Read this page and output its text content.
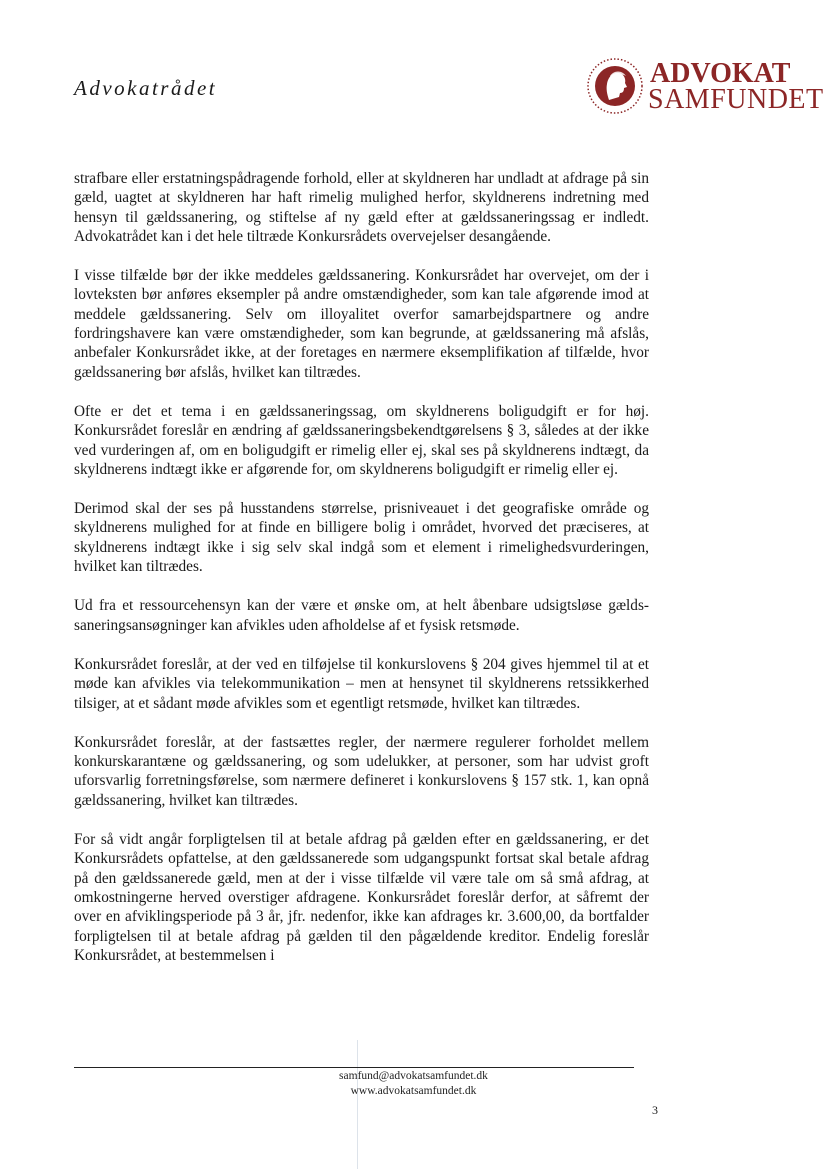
Advokatrådet	ADVOKAT
SAMFUNDET

strafbare eller erstatningspådragende forhold, eller at skyldneren har undladt at afdrage på sin gæld, uagtet at skyldneren har haft rimelig mulighed herfor, skyldnerens indretning med hensyn til gældssanering, og stiftelse af ny gæld efter at gældssaneringssag er indledt. Advokatrådet kan i det hele tiltræde Konkursrådets overvejelser desangående.

I visse tilfælde bør der ikke meddeles gældssanering. Konkursrådet har overvejet, om der i lovteksten bør anføres eksempler på andre omstændigheder, som kan tale afgørende imod at meddele gældssanering. Selv om illoyalitet overfor samarbejdspartnere og andre fordringshavere kan være omstændigheder, som kan begrunde, at gældssanering må afslås, anbefaler Konkursrådet ikke, at der foretages en nærmere eksemplifikation af tilfælde, hvor gældssanering bør afslås, hvilket kan tiltrædes.

Ofte er det et tema i en gældssaneringssag, om skyldnerens boligudgift er for høj. Konkursrådet foreslår en ændring af gældssaneringsbekendtgørelsens § 3, således at der ikke ved vurderingen af, om en boligudgift er rimelig eller ej, skal ses på skyldnerens indtægt, da skyldnerens indtægt ikke er afgørende for, om skyldnerens boligudgift er rimelig eller ej.

Derimod skal der ses på husstandens størrelse, prisniveauet i det geografiske område og skyldnerens mulighed for at finde en billigere bolig i området, hvorved det præciseres, at skyldnerens indtægt ikke i sig selv skal indgå som et element i rimelighedsvurderingen, hvilket kan tiltrædes.

Ud fra et ressourcehensyn kan der være et ønske om, at helt åbenbare udsigtsløse gælds-saneringsansøgninger kan afvikles uden afholdelse af et fysisk retsmøde.

Konkursrådet foreslår, at der ved en tilføjelse til konkurslovens § 204 gives hjemmel til at et møde kan afvikles via telekommunikation – men at hensynet til skyldnerens retssikkerhed tilsiger, at et sådant møde afvikles som et egentligt retsmøde, hvilket kan tiltrædes.

Konkursrådet foreslår, at der fastsættes regler, der nærmere regulerer forholdet mellem konkurskarantæne og gældssanering, og som udelukker, at personer, som har udvist groft uforsvarlig forretningsførelse, som nærmere defineret i konkurslovens § 157 stk. 1, kan opnå gældssanering, hvilket kan tiltrædes.

For så vidt angår forpligtelsen til at betale afdrag på gælden efter en gældssanering, er det Konkursrådets opfattelse, at den gældssanerede som udgangspunkt fortsat skal betale afdrag på den gældssanerede gæld, men at der i visse tilfælde vil være tale om så små afdrag, at omkostningerne herved overstiger afdragene. Konkursrådet foreslår derfor, at såfremt der over en afviklingsperiode på 3 år, jfr. nedenfor, ikke kan afdrages kr. 3.600,00, da bortfalder forpligtelsen til at betale afdrag på gælden til den pågældende kreditor. Endelig foreslår Konkursrådet, at bestemmelsen i

samfund@advokatsamfundet.dk
www.advokatsamfundet.dk
3
